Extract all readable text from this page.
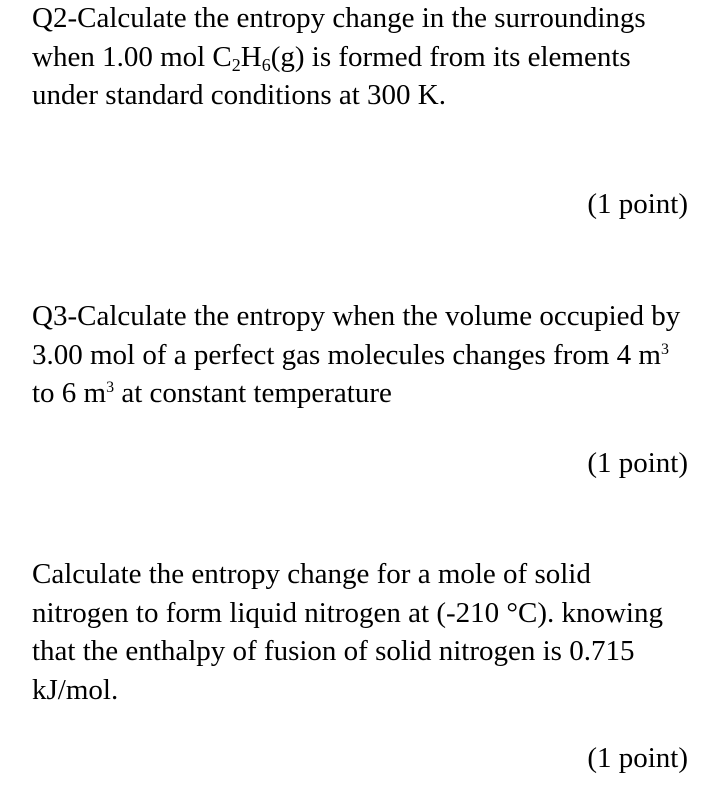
Q2-Calculate the entropy change in the surroundings when 1.00 mol $C_2H_6(g)$ is formed from its elements under standard conditions at 300 K.

(1 point)

Q3-Calculate the entropy when the volume occupied by 3.00 mol of a perfect gas molecules changes from 4 $m^3$ to 6 $m^3$ at constant temperature

(1 point)

Calculate the entropy change for a mole of solid nitrogen to form liquid nitrogen at (-210 °C). knowing that the enthalpy of fusion of solid nitrogen is 0.715 kJ/mol.

(1 point)
